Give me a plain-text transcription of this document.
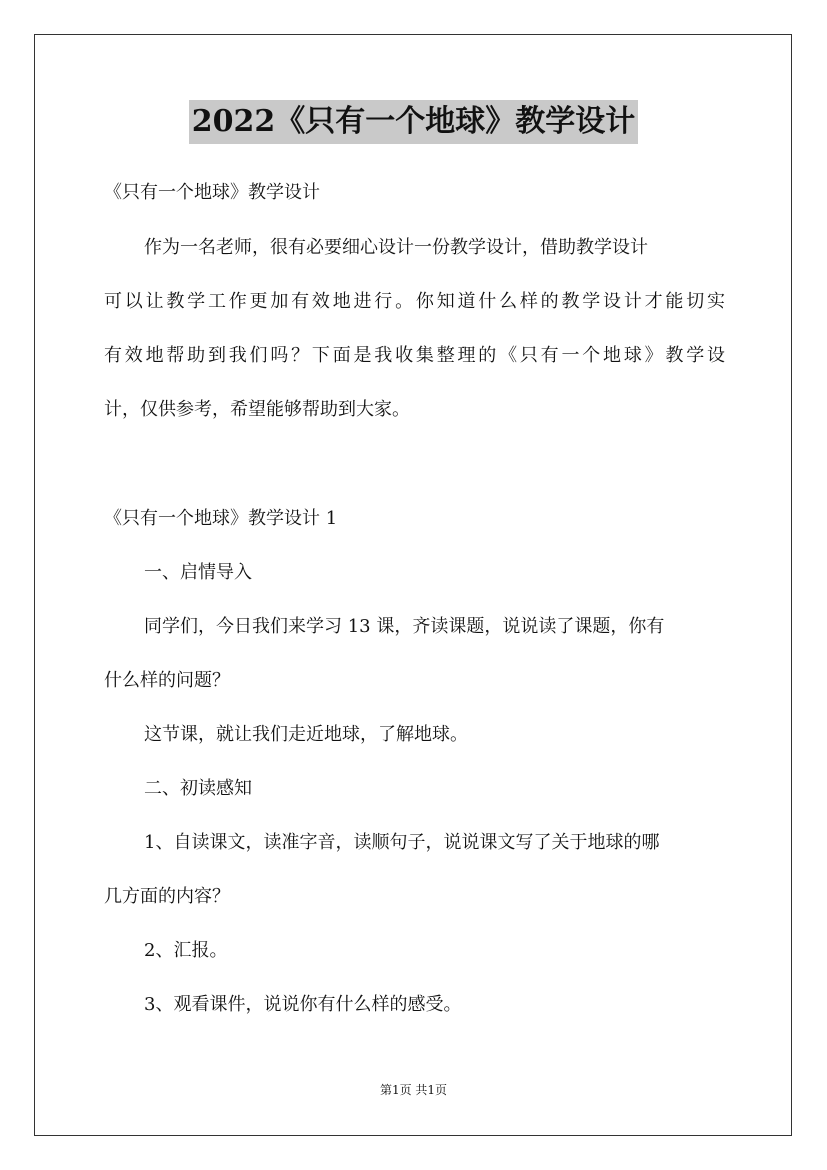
2022《只有一个地球》教学设计
《只有一个地球》教学设计
作为一名老师，很有必要细心设计一份教学设计，借助教学设计
可以让教学工作更加有效地进行。你知道什么样的教学设计才能切实
有效地帮助到我们吗？下面是我收集整理的《只有一个地球》教学设
计，仅供参考，希望能够帮助到大家。
《只有一个地球》教学设计 1
一、启情导入
同学们，今日我们来学习 13 课，齐读课题，说说读了课题，你有
什么样的问题？
这节课，就让我们走近地球，了解地球。
二、初读感知
1、自读课文，读准字音，读顺句子，说说课文写了关于地球的哪
几方面的内容？
2、汇报。
3、观看课件，说说你有什么样的感受。
第1页 共1页
